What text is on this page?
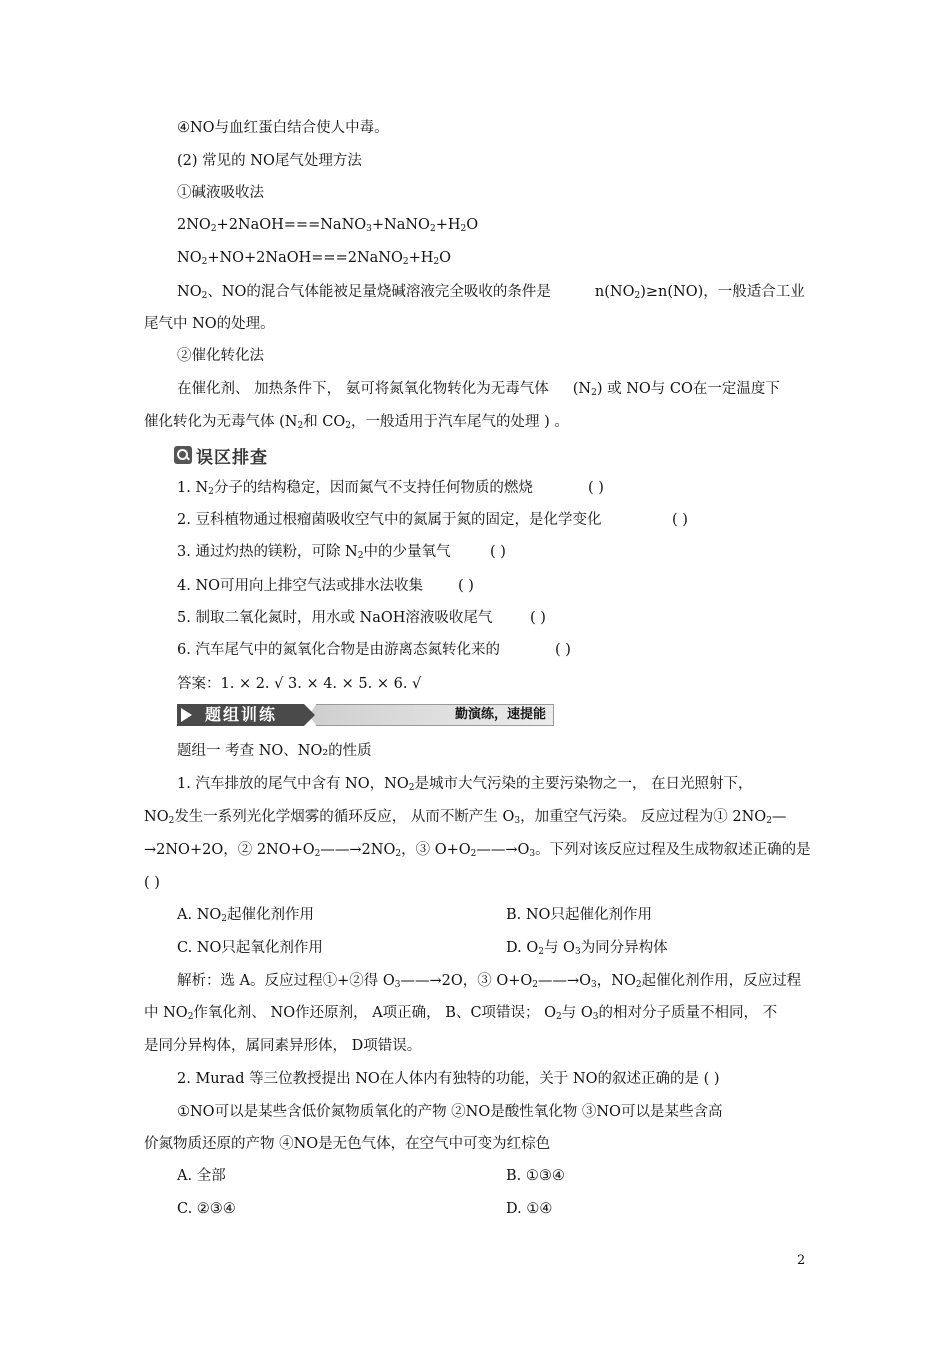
④NO与血红蛋白结合使人中毒。
(2) 常见的 NO尾气处理方法
①碱液吸收法
$2NO_2+2NaOH===NaNO_3+NaNO_2+H_2O$
$NO_2+NO+2NaOH===2NaNO_2+H_2O$
$NO_2$、NO的混合气体能被足量烧碱溶液完全吸收的条件是	$n(NO_2)\ge n(NO)$，一般适合工业
尾气中 NO的处理。
②催化转化法
在催化剂、 加热条件下， 氨可将氮氧化物转化为无毒气体 $(N_2)$ 或 NO与 CO在一定温度下
催化转化为无毒气体 ($N_2$和 $CO_2$，一般适用于汽车尾气的处理 ) 。
误区排查
1. $N_2$分子的结构稳定，因而氮气不支持任何物质的燃烧	( )
2. 豆科植物通过根瘤菌吸收空气中的氮属于氮的固定，是化学变化	( )
3. 通过灼热的镁粉，可除 $N_2$中的少量氧气	( )
4. NO可用向上排空气法或排水法收集 ( )
5. 制取二氧化氮时，用水或 NaOH溶液吸收尾气	( )
6. 汽车尾气中的氮氧化合物是由游离态氮转化来的	( )
答案：1. × 2. √ 3. × 4. × 5. × 6. √
勤演练，速提能
题组训练
题组一 考查 NO、NO₂的性质
1. 汽车排放的尾气中含有 NO，$NO_2$是城市大气污染的主要污染物之一， 在日光照射下，
$NO_2$发生一系列光化学烟雾的循环反应， 从而不断产生 $O_3$，加重空气污染。 反应过程为① $2NO_2—$
→2NO+2O，② $2NO+O_2——\to 2NO_2$，③ $O+O_2——\to O_3$。下列对该反应过程及生成物叙述正确的是
( )
A. $NO_2$起催化剂作用	B. NO只起催化剂作用
C. NO只起氧化剂作用	D. $O_2$与 $O_3$为同分异构体
解析：选 A。反应过程①+②得 $O_3——\to 2O$，③ $O+O_2——\to O_3$，$NO_2$起催化剂作用，反应过程
中 $NO_2$作氧化剂、 NO作还原剂， A项正确， B、C项错误； $O_2$与 $O_3$的相对分子质量不相同， 不
是同分异构体，属同素异形体， D项错误。
2. Murad 等三位教授提出 NO在人体内有独特的功能，关于 NO的叙述正确的是 ( )
①NO可以是某些含低价氮物质氧化的产物 ②NO是酸性氧化物 ③NO可以是某些含高
价氮物质还原的产物 ④NO是无色气体，在空气中可变为红棕色
A. 全部	B. ①③④
C. ②③④	D. ①④
2
